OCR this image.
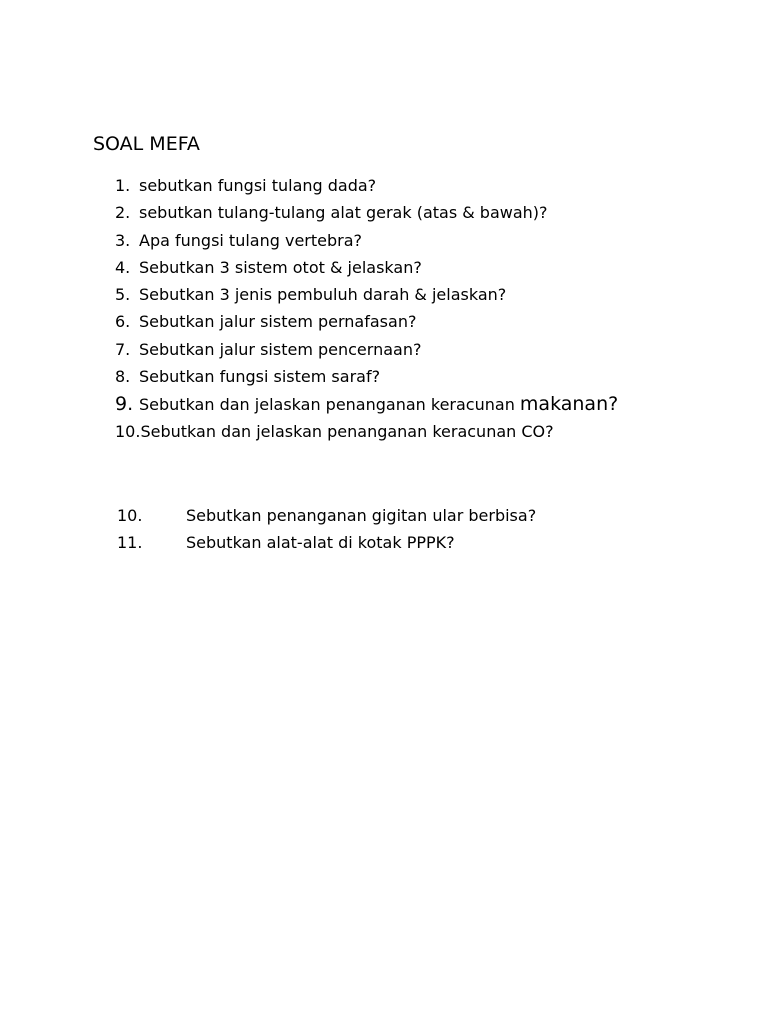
SOAL MEFA
1. sebutkan fungsi tulang dada?
2. sebutkan tulang-tulang alat gerak (atas & bawah)?
3. Apa fungsi tulang vertebra?
4. Sebutkan 3 sistem otot & jelaskan?
5. Sebutkan 3 jenis pembuluh darah & jelaskan?
6. Sebutkan jalur sistem pernafasan?
7. Sebutkan jalur sistem pencernaan?
8. Sebutkan fungsi sistem saraf?
9. Sebutkan dan jelaskan penanganan keracunan makanan?
10.Sebutkan dan jelaskan penanganan keracunan CO?
10.	Sebutkan penanganan gigitan ular berbisa?
11.	Sebutkan alat-alat di kotak PPPK?
